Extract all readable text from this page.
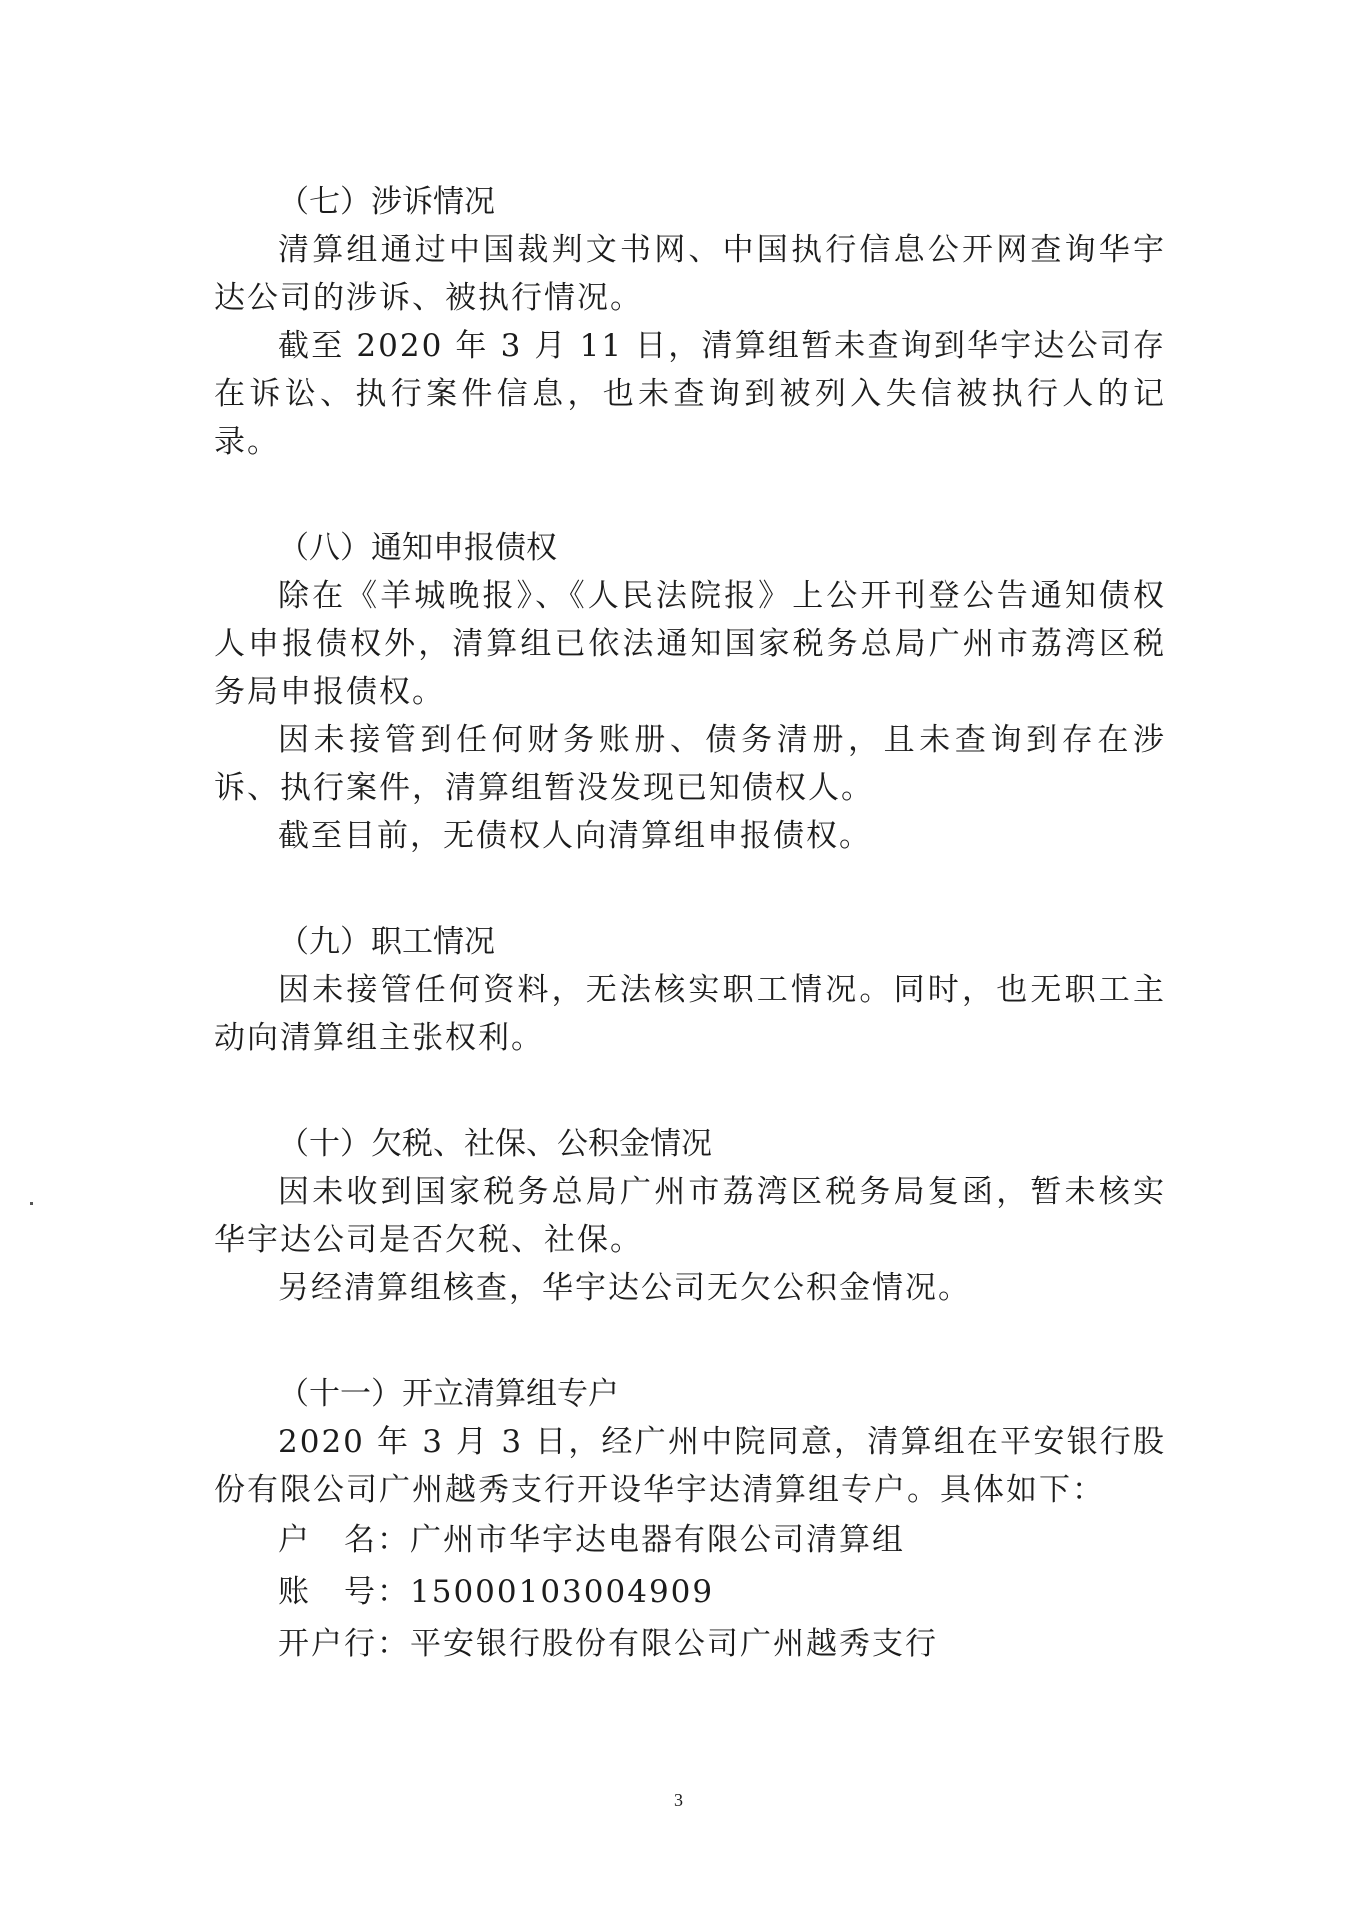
（七）涉诉情况

清算组通过中国裁判文书网、中国执行信息公开网查询华宇达公司的涉诉、被执行情况。

截至 2020 年 3 月 11 日，清算组暂未查询到华宇达公司存在诉讼、执行案件信息，也未查询到被列入失信被执行人的记录。

（八）通知申报债权

除在《羊城晚报》、《人民法院报》上公开刊登公告通知债权人申报债权外，清算组已依法通知国家税务总局广州市荔湾区税务局申报债权。

因未接管到任何财务账册、债务清册，且未查询到存在涉诉、执行案件，清算组暂没发现已知债权人。

截至目前，无债权人向清算组申报债权。

（九）职工情况

因未接管任何资料，无法核实职工情况。同时，也无职工主动向清算组主张权利。

（十）欠税、社保、公积金情况

因未收到国家税务总局广州市荔湾区税务局复函，暂未核实华宇达公司是否欠税、社保。

另经清算组核查，华宇达公司无欠公积金情况。

（十一）开立清算组专户

2020 年 3 月 3 日，经广州中院同意，清算组在平安银行股份有限公司广州越秀支行开设华宇达清算组专户。具体如下：

户　名：广州市华宇达电器有限公司清算组

账　号：15000103004909

开户行：平安银行股份有限公司广州越秀支行

3
